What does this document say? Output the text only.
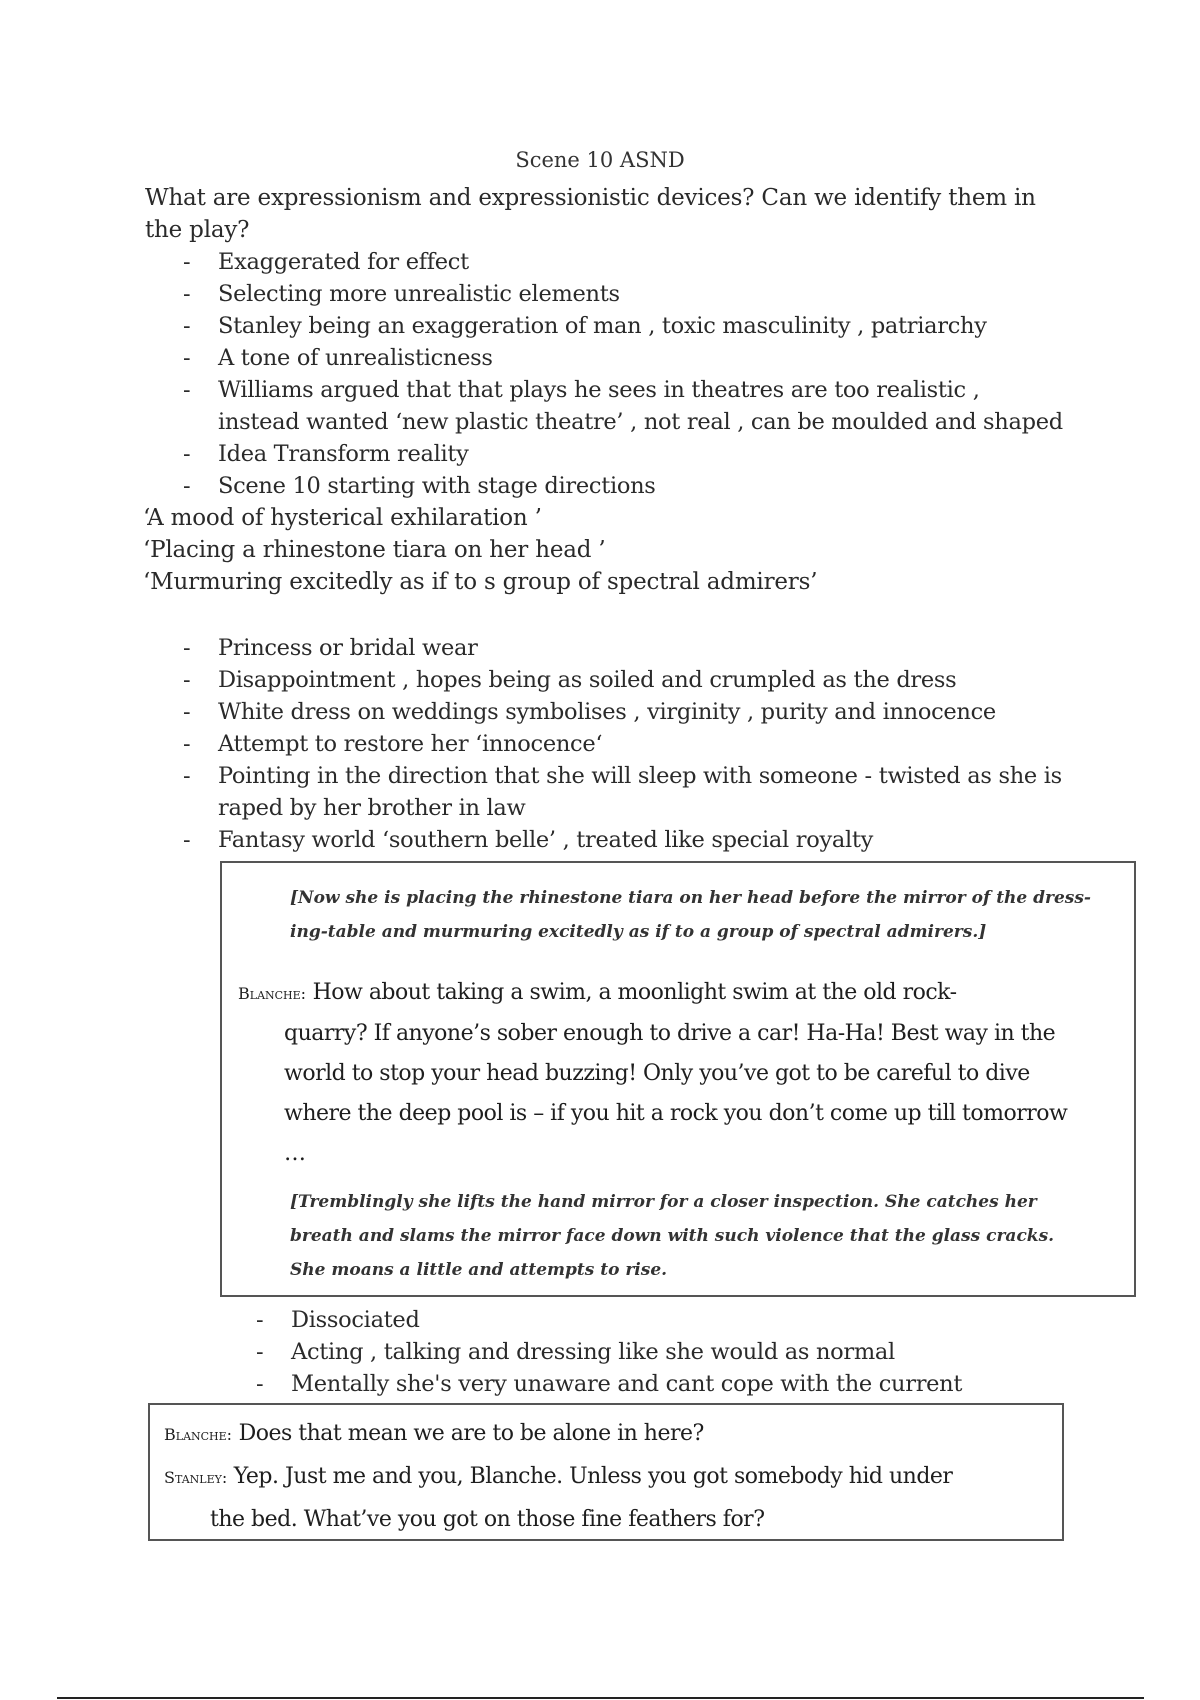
Scene 10 ASND
What are expressionism and expressionistic devices? Can we identify them in the play?
- Exaggerated for effect
- Selecting more unrealistic elements
- Stanley being an exaggeration of man , toxic masculinity , patriarchy
- A tone of unrealisticness
- Williams argued that that plays he sees in theatres are too realistic , instead wanted ‘new plastic theatre’ , not real , can be moulded and shaped
- Idea Transform reality
- Scene 10 starting with stage directions
‘A mood of hysterical exhilaration ’
‘Placing a rhinestone tiara on her head ’
‘Murmuring excitedly as if to s group of spectral admirers’
- Princess or bridal wear
- Disappointment , hopes being as soiled and crumpled as the dress
- White dress on weddings symbolises , virginity , purity and innocence
- Attempt to restore her ‘innocence‘
- Pointing in the direction that she will sleep with someone - twisted as she is raped by her brother in law
- Fantasy world ‘southern belle’ , treated like special royalty
[Now she is placing the rhinestone tiara on her head before the mirror of the dress-
ing-table and murmuring excitedly as if to a group of spectral admirers.]
Blanche: How about taking a swim, a moonlight swim at the old rock-
quarry? If anyone’s sober enough to drive a car! Ha-Ha! Best way in the
world to stop your head buzzing! Only you’ve got to be careful to dive
where the deep pool is – if you hit a rock you don’t come up till tomorrow
…
[Tremblingly she lifts the hand mirror for a closer inspection. She catches her
breath and slams the mirror face down with such violence that the glass cracks.
She moans a little and attempts to rise.
- Dissociated
- Acting , talking and dressing like she would as normal
- Mentally she's very unaware and cant cope with the current
Blanche: Does that mean we are to be alone in here?
Stanley: Yep. Just me and you, Blanche. Unless you got somebody hid under
the bed. What’ve you got on those fine feathers for?
